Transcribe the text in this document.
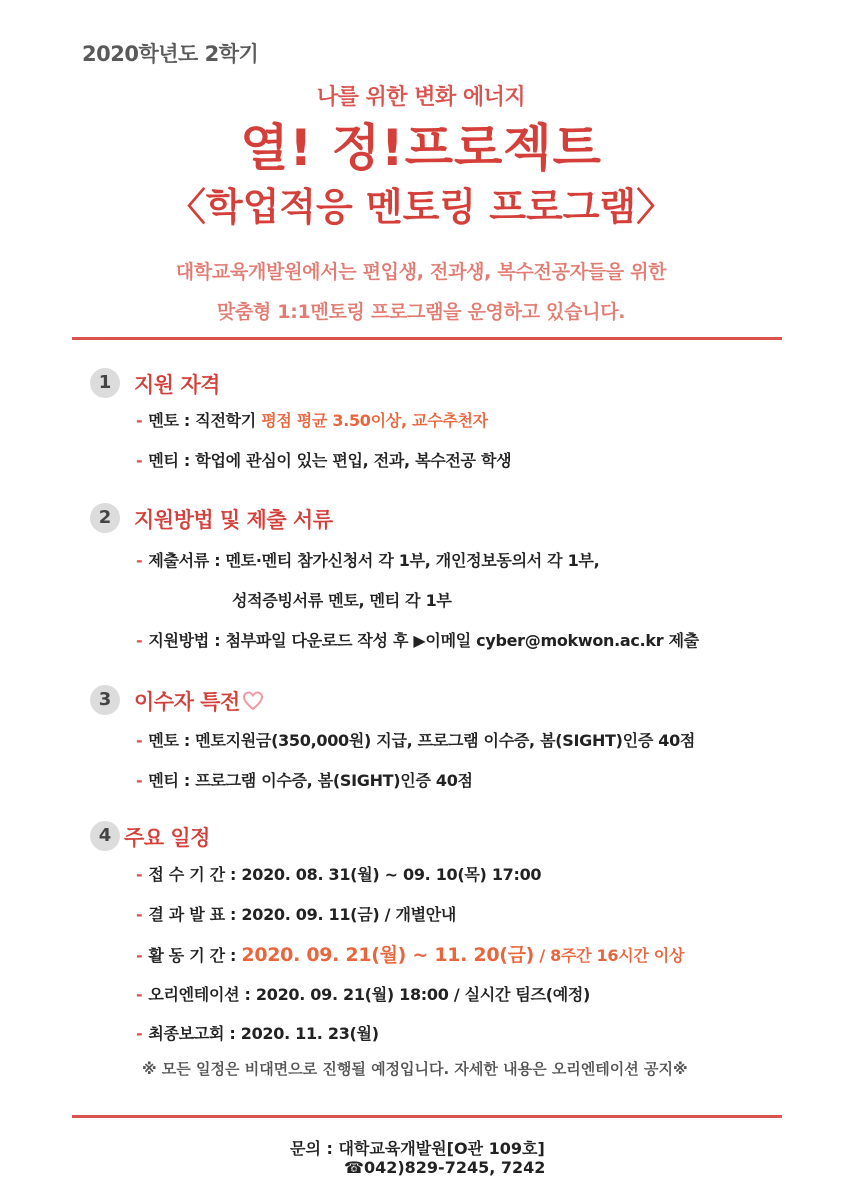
2020학년도 2학기
나를 위한 변화 에너지
열! 정!프로젝트
〈학업적응 멘토링 프로그램〉
대학교육개발원에서는 편입생, 전과생, 복수전공자들을 위한
맞춤형 1:1멘토링 프로그램을 운영하고 있습니다.
1	지원 자격
- 멘토 : 직전학기 평점 평균 3.50이상, 교수추천자
- 멘티 : 학업에 관심이 있는 편입, 전과, 복수전공 학생
2	지원방법 및 제출 서류
- 제출서류 : 멘토·멘티 참가신청서 각 1부, 개인정보동의서 각 1부,
성적증빙서류 멘토, 멘티 각 1부
- 지원방법 : 첨부파일 다운로드 작성 후 ▶이메일 cyber@mokwon.ac.kr 제출
3	이수자 특전
- 멘토 : 멘토지원금(350,000원) 지급, 프로그램 이수증, 봄(SIGHT)인증 40점
- 멘티 : 프로그램 이수증, 봄(SIGHT)인증 40점
4 주요 일정
- 접 수 기 간 : 2020. 08. 31(월) ~ 09. 10(목) 17:00
- 결 과 발 표 : 2020. 09. 11(금) / 개별안내
- 활 동 기 간 : 2020. 09. 21(월) ~ 11. 20(금) / 8주간 16시간 이상
- 오리엔테이션 : 2020. 09. 21(월) 18:00 / 실시간 팀즈(예정)
- 최종보고회 : 2020. 11. 23(월)
※ 모든 일정은 비대면으로 진행될 예정입니다. 자세한 내용은 오리엔테이션 공지※
문의 : 대학교육개발원[O관 109호]
☎042)829-7245, 7242
